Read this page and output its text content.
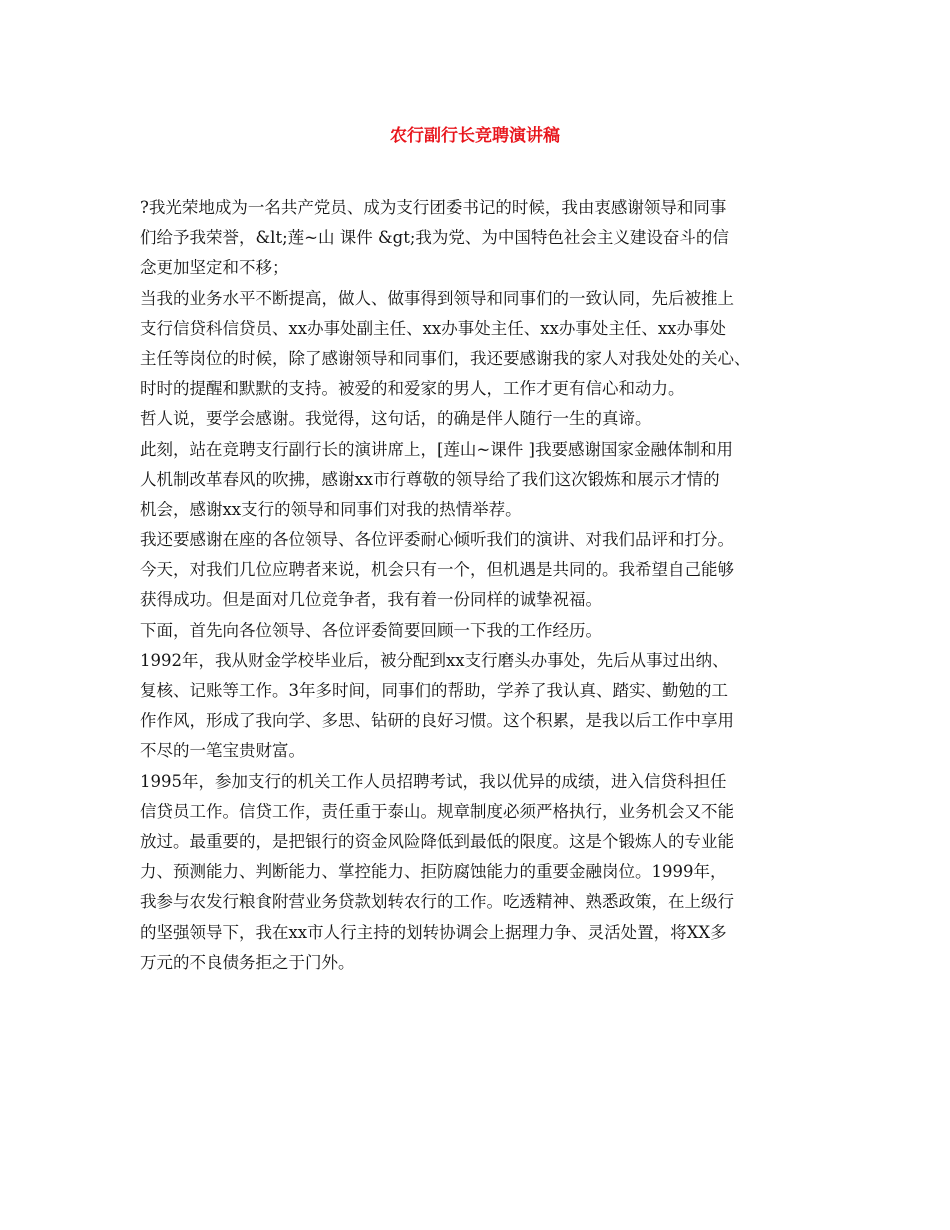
农行副行长竞聘演讲稿
?我光荣地成为一名共产党员、成为支行团委书记的时候，我由衷感谢领导和同事
们给予我荣誉，&lt;莲~山 课件 &gt;我为党、为中国特色社会主义建设奋斗的信
念更加坚定和不移；
当我的业务水平不断提高，做人、做事得到领导和同事们的一致认同，先后被推上
支行信贷科信贷员、xx办事处副主任、xx办事处主任、xx办事处主任、xx办事处
主任等岗位的时候，除了感谢领导和同事们，我还要感谢我的家人对我处处的关心、
时时的提醒和默默的支持。被爱的和爱家的男人，工作才更有信心和动力。
哲人说，要学会感谢。我觉得，这句话，的确是伴人随行一生的真谛。
此刻，站在竞聘支行副行长的演讲席上，[莲山~课件 ]我要感谢国家金融体制和用
人机制改革春风的吹拂，感谢xx市行尊敬的领导给了我们这次锻炼和展示才情的
机会，感谢xx支行的领导和同事们对我的热情举荐。
我还要感谢在座的各位领导、各位评委耐心倾听我们的演讲、对我们品评和打分。
今天，对我们几位应聘者来说，机会只有一个，但机遇是共同的。我希望自己能够
获得成功。但是面对几位竞争者，我有着一份同样的诚挚祝福。
下面，首先向各位领导、各位评委简要回顾一下我的工作经历。
1992年，我从财金学校毕业后，被分配到xx支行磨头办事处，先后从事过出纳、
复核、记账等工作。3年多时间，同事们的帮助，学养了我认真、踏实、勤勉的工
作作风，形成了我向学、多思、钻研的良好习惯。这个积累，是我以后工作中享用
不尽的一笔宝贵财富。
1995年，参加支行的机关工作人员招聘考试，我以优异的成绩，进入信贷科担任
信贷员工作。信贷工作，责任重于泰山。规章制度必须严格执行，业务机会又不能
放过。最重要的，是把银行的资金风险降低到最低的限度。这是个锻炼人的专业能
力、预测能力、判断能力、掌控能力、拒防腐蚀能力的重要金融岗位。1999年，
我参与农发行粮食附营业务贷款划转农行的工作。吃透精神、熟悉政策，在上级行
的坚强领导下，我在xx市人行主持的划转协调会上据理力争、灵活处置，将XX多
万元的不良债务拒之于门外。
